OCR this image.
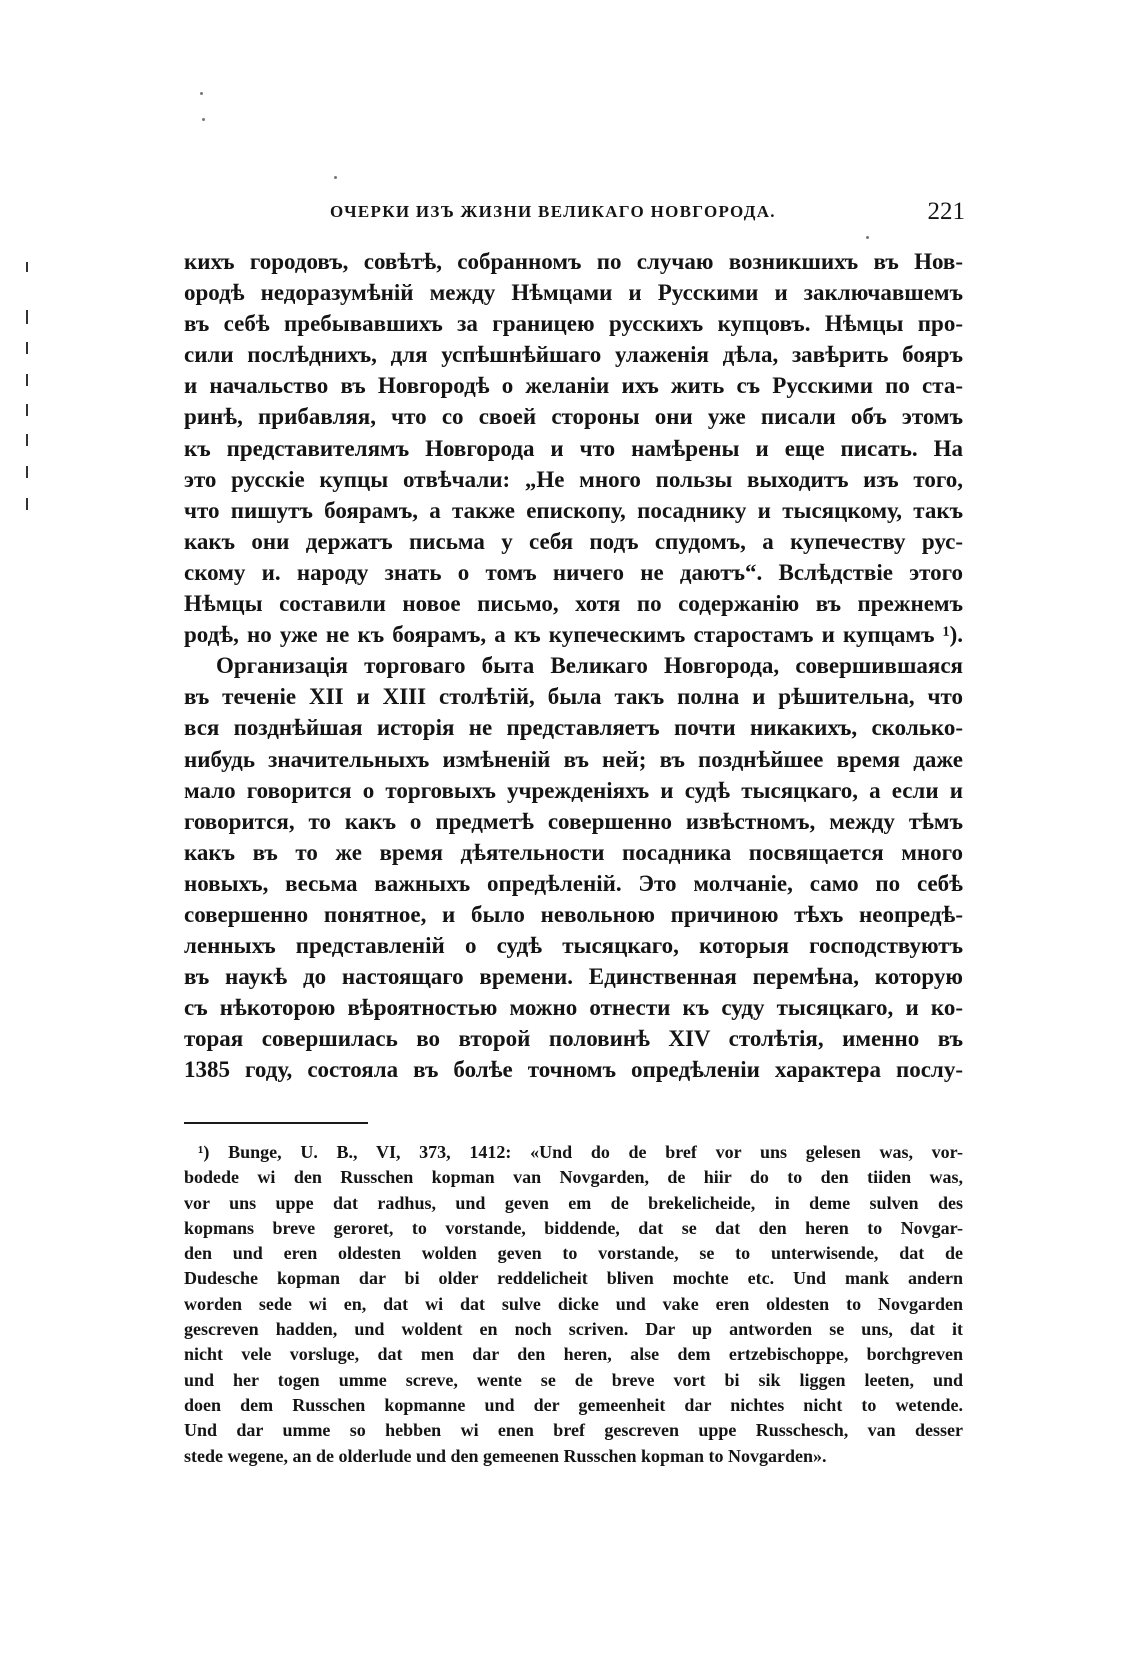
ОЧЕРКИ ИЗЪ ЖИЗНИ ВЕЛИКАГО НОВГОРОДА.	221
кихъ городовъ, совѣтѣ, собранномъ по случаю возникшихъ въ Нов-
ородѣ недоразумѣній между Нѣмцами и Русскими и заключавшемъ
въ себѣ пребывавшихъ за границею русскихъ купцовъ. Нѣмцы про-
сили послѣднихъ, для успѣшнѣйшаго улаженія дѣла, завѣрить бояръ
и начальство въ Новгородѣ о желаніи ихъ жить съ Русскими по ста-
ринѣ, прибавляя, что со своей стороны они уже писали объ этомъ
къ представителямъ Новгорода и что намѣрены и еще писать. На
это русскіе купцы отвѣчали: „Не много пользы выходитъ изъ того,
что пишутъ боярамъ, а также епископу, посаднику и тысяцкому, такъ
какъ они держатъ письма у себя подъ спудомъ, а купечеству рус-
скому и. народу знать о томъ ничего не даютъ“. Вслѣдствіе этого
Нѣмцы составили новое письмо, хотя по содержанію въ прежнемъ
родѣ, но уже не къ боярамъ, а къ купеческимъ старостамъ и купцамъ ¹).
Организація торговаго быта Великаго Новгорода, совершившаяся
въ теченіе XII и XIII столѣтій, была такъ полна и рѣшительна, что
вся позднѣйшая исторія не представляетъ почти никакихъ, сколько-
нибудь значительныхъ измѣненій въ ней; въ позднѣйшее время даже
мало говорится о торговыхъ учрежденіяхъ и судѣ тысяцкаго, а если и
говорится, то какъ о предметѣ совершенно извѣстномъ, между тѣмъ
какъ въ то же время дѣятельности посадника посвящается много
новыхъ, весьма важныхъ опредѣленій. Это молчаніе, само по себѣ
совершенно понятное, и было невольною причиною тѣхъ неопредѣ-
ленныхъ представленій о судѣ тысяцкаго, которыя господствуютъ
въ наукѣ до настоящаго времени. Единственная перемѣна, которую
съ нѣкоторою вѣроятностью можно отнести къ суду тысяцкаго, и ко-
торая совершилась во второй половинѣ XIV столѣтія, именно въ
1385 году, состояла въ болѣе точномъ опредѣленіи характера послу-
¹) Bunge, U. B., VI, 373, 1412: «Und do de bref vor uns gelesen was, vor-
bodede wi den Russchen kopman van Novgarden, de hiir do to den tiiden was,
vor uns uppe dat radhus, und geven em de brekelicheide, in deme sulven des
kopmans breve geroret, to vorstande, biddende, dat se dat den heren to Novgar-
den und eren oldesten wolden geven to vorstande, se to unterwisende, dat de
Dudesche kopman dar bi older reddelicheit bliven mochte etc. Und mank andern
worden sede wi en, dat wi dat sulve dicke und vake eren oldesten to Novgarden
gescreven hadden, und woldent en noch scriven. Dar up antworden se uns, dat it
nicht vele vorsluge, dat men dar den heren, alse dem ertzebischoppe, borchgreven
und her togen umme screve, wente se de breve vort bi sik liggen leeten, und
doen dem Russchen kopmanne und der gemeenheit dar nichtes nicht to wetende.
Und dar umme so hebben wi enen bref gescreven uppe Russchesch, van desser
stede wegene, an de olderlude und den gemeenen Russchen kopman to Novgarden».
